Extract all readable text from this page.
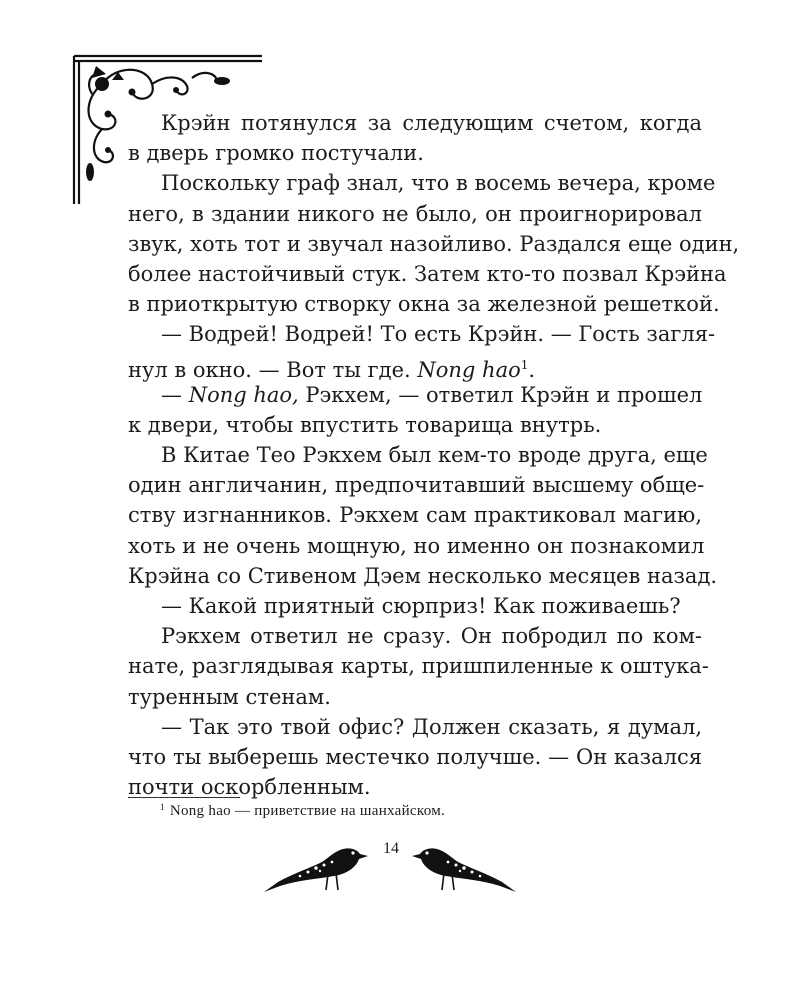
Крэйн потянулся за следующим счетом, когда
в дверь громко постучали.
Поскольку граф знал, что в восемь вечера, кроме
него, в здании никого не было, он проигнорировал
звук, хоть тот и звучал назойливо. Раздался еще один,
более настойчивый стук. Затем кто-то позвал Крэйна
в приоткрытую створку окна за железной решеткой.
— Водрей! Водрей! То есть Крэйн. — Гость загля-
нул в окно. — Вот ты где. Nong hao$^1$.
— Nong hao, Рэкхем, — ответил Крэйн и прошел
к двери, чтобы впустить товарища внутрь.
В Китае Тео Рэкхем был кем-то вроде друга, еще
один англичанин, предпочитавший высшему обще-
ству изгнанников. Рэкхем сам практиковал магию,
хоть и не очень мощную, но именно он познакомил
Крэйна со Стивеном Дэем несколько месяцев назад.
— Какой приятный сюрприз! Как поживаешь?
Рэкхем ответил не сразу. Он побродил по ком-
нате, разглядывая карты, пришпиленные к оштука-
туренным стенам.
— Так это твой офис? Должен сказать, я думал,
что ты выберешь местечко получше. — Он казался
почти оскорбленным.
$^1$ Nong hao — приветствие на шанхайском.
14
